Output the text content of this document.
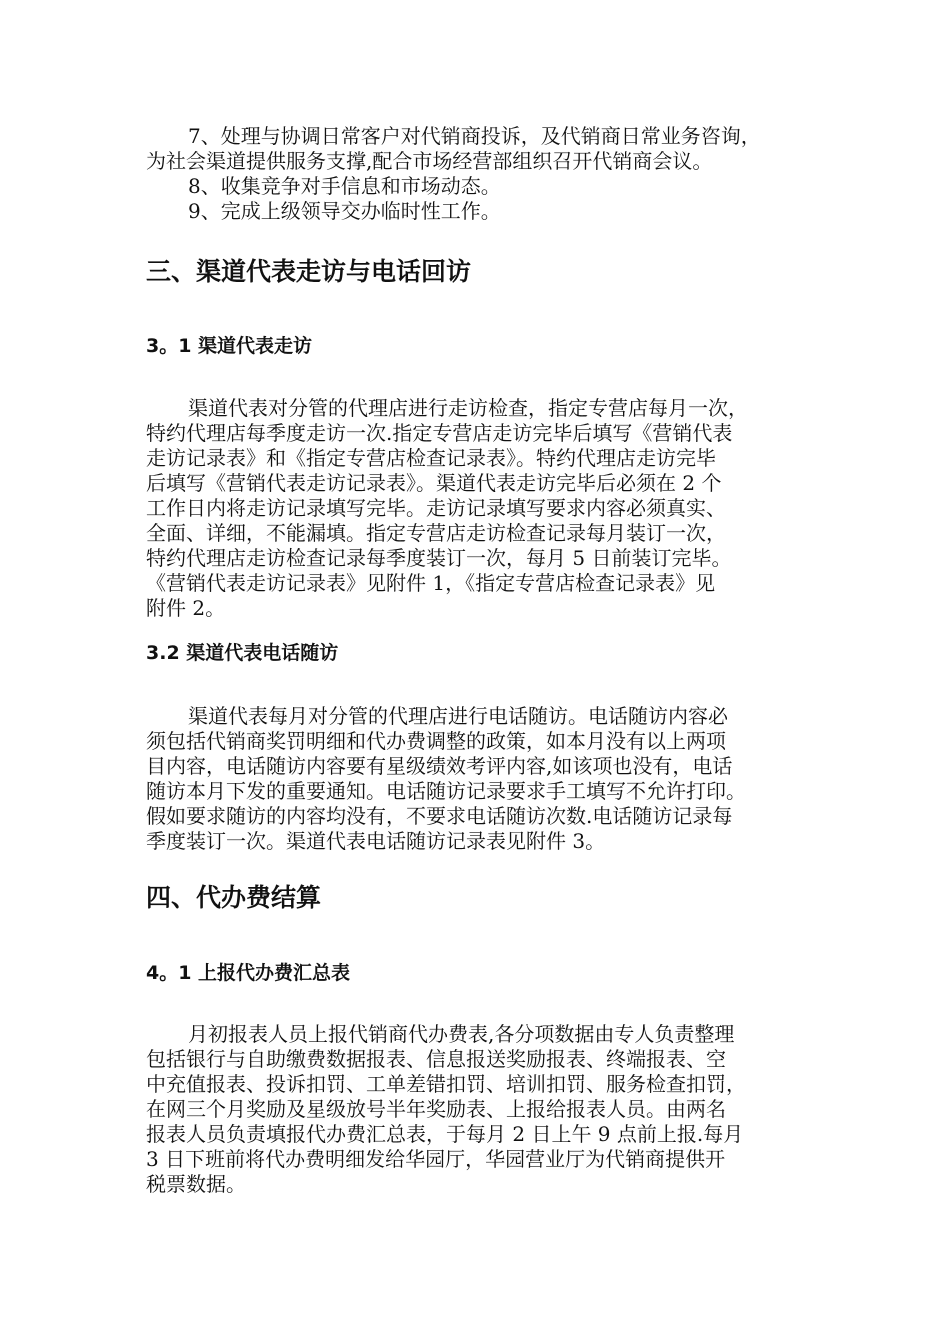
7、处理与协调日常客户对代销商投诉，及代销商日常业务咨询，
为社会渠道提供服务支撑,配合市场经营部组织召开代销商会议。
8、收集竞争对手信息和市场动态。
9、完成上级领导交办临时性工作。
三、渠道代表走访与电话回访
3。1 渠道代表走访
渠道代表对分管的代理店进行走访检查，指定专营店每月一次，
特约代理店每季度走访一次.指定专营店走访完毕后填写《营销代表
走访记录表》和《指定专营店检查记录表》。特约代理店走访完毕
后填写《营销代表走访记录表》。渠道代表走访完毕后必须在 2 个
工作日内将走访记录填写完毕。走访记录填写要求内容必须真实、
全面、详细，不能漏填。指定专营店走访检查记录每月装订一次，
特约代理店走访检查记录每季度装订一次，每月 5 日前装订完毕。
《营销代表走访记录表》见附件 1，《指定专营店检查记录表》见
附件 2。
3.2 渠道代表电话随访
渠道代表每月对分管的代理店进行电话随访。电话随访内容必
须包括代销商奖罚明细和代办费调整的政策，如本月没有以上两项
目内容，电话随访内容要有星级绩效考评内容,如该项也没有，电话
随访本月下发的重要通知。电话随访记录要求手工填写不允许打印。
假如要求随访的内容均没有，不要求电话随访次数.电话随访记录每
季度装订一次。渠道代表电话随访记录表见附件 3。
四、代办费结算
4。1 上报代办费汇总表
月初报表人员上报代销商代办费表,各分项数据由专人负责整理
包括银行与自助缴费数据报表、信息报送奖励报表、终端报表、空
中充值报表、投诉扣罚、工单差错扣罚、培训扣罚、服务检查扣罚，
在网三个月奖励及星级放号半年奖励表、上报给报表人员。由两名
报表人员负责填报代办费汇总表，于每月 2 日上午 9 点前上报.每月
3 日下班前将代办费明细发给华园厅，华园营业厅为代销商提供开
税票数据。
